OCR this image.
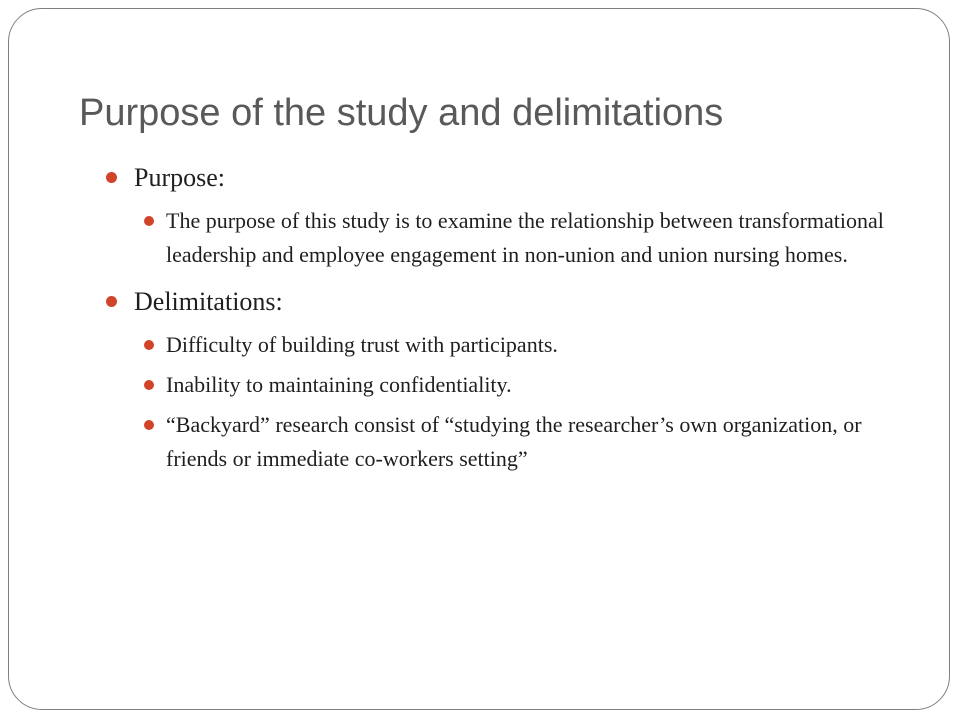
Purpose of the study and delimitations
Purpose:
The purpose of this study is to examine the relationship between transformational leadership and employee engagement in non-union and union nursing homes.
Delimitations:
Difficulty of building trust with participants.
Inability to maintaining confidentiality.
“Backyard” research consist of “studying the researcher’s own organization, or friends or immediate co-workers setting”
